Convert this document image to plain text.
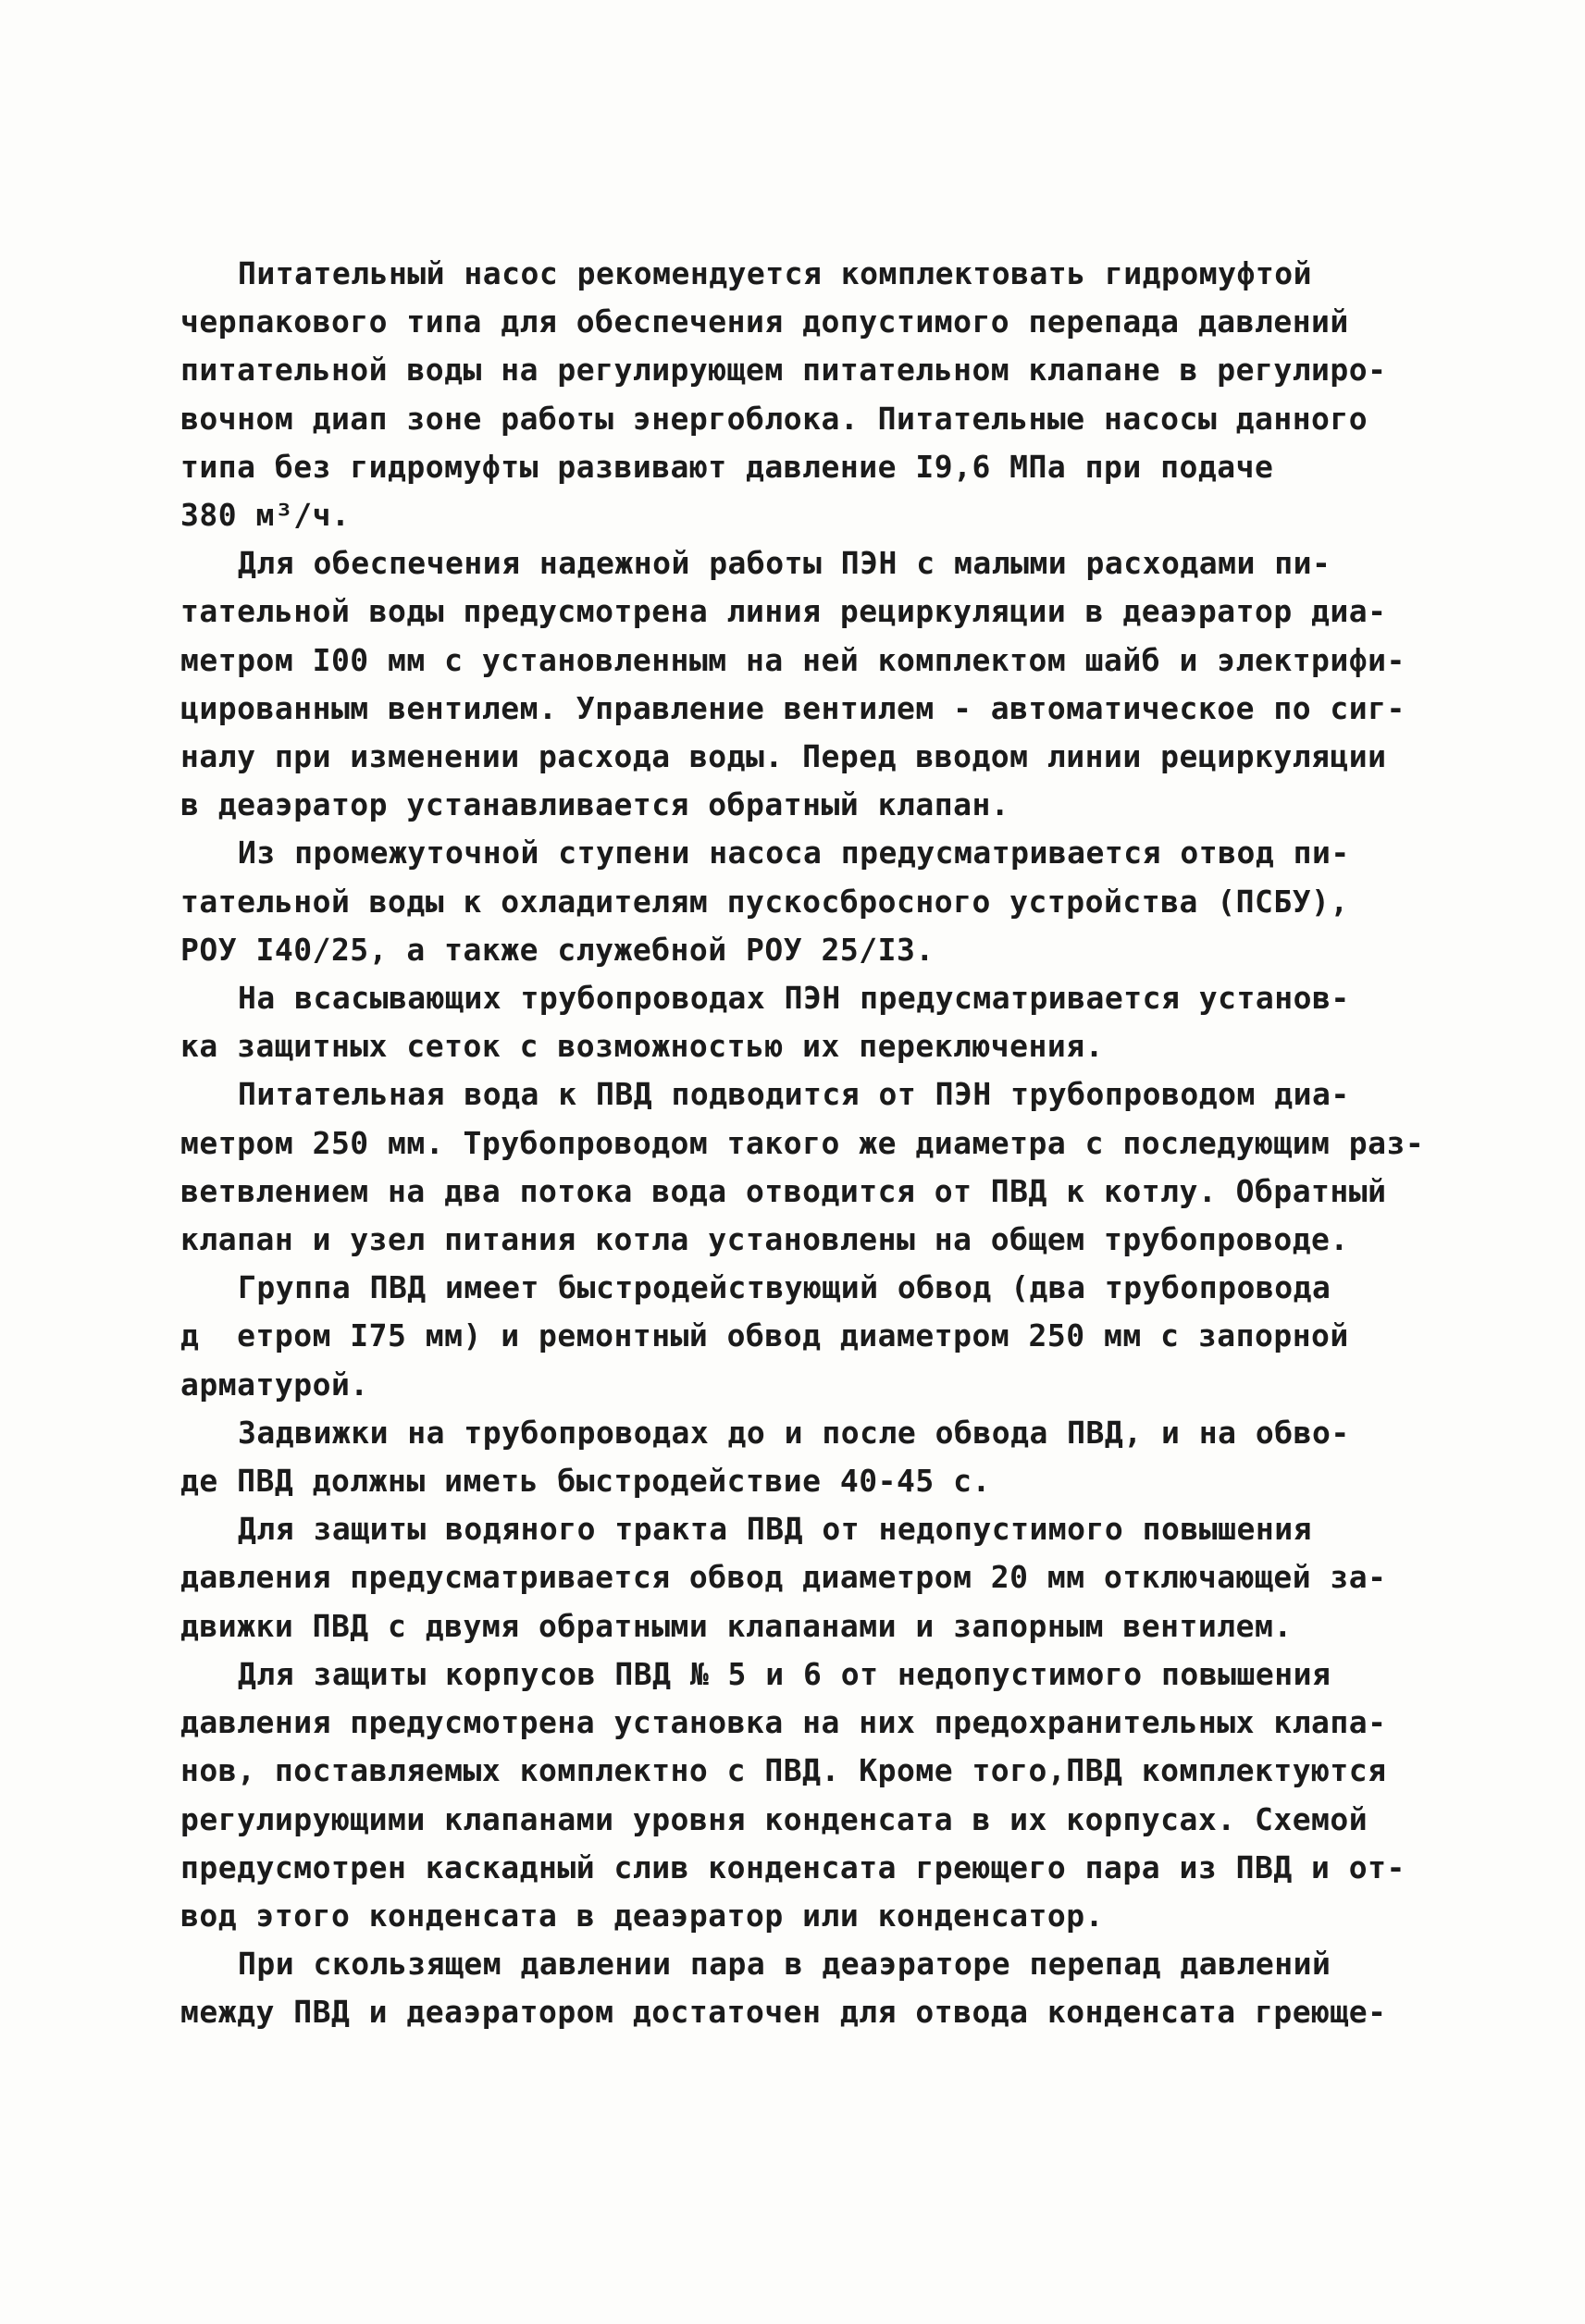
Питательный насос рекомендуется комплектовать гидромуфтой
черпакового типа для обеспечения допустимого перепада давлений
питательной воды на регулирующем питательном клапане в регулиро-
вочном диап зоне работы энергоблока. Питательные насосы данного
типа без гидромуфты развивают давление I9,6 МПа при подаче
380 м³/ч.
Для обеспечения надежной работы ПЭН с малыми расходами пи-
тательной воды предусмотрена линия рециркуляции в деаэратор диа-
метром I00 мм с установленным на ней комплектом шайб и электрифи-
цированным вентилем. Управление вентилем - автоматическое по сиг-
налу при изменении расхода воды. Перед вводом линии рециркуляции
в деаэратор устанавливается обратный клапан.
Из промежуточной ступени насоса предусматривается отвод пи-
тательной воды к охладителям пускосбросного устройства (ПСБУ),
РОУ I40/25, а также служебной РОУ 25/I3.
На всасывающих трубопроводах ПЭН предусматривается установ-
ка защитных сеток с возможностью их переключения.
Питательная вода к ПВД подводится от ПЭН трубопроводом диа-
метром 250 мм. Трубопроводом такого же диаметра с последующим раз-
ветвлением на два потока вода отводится от ПВД к котлу. Обратный
клапан и узел питания котла установлены на общем трубопроводе.
Группа ПВД имеет быстродействующий обвод (два трубопровода
д  етром I75 мм) и ремонтный обвод диаметром 250 мм с запорной
арматурой.
Задвижки на трубопроводах до и после обвода ПВД, и на обво-
де ПВД должны иметь быстродействие 40-45 с.
Для защиты водяного тракта ПВД от недопустимого повышения
давления предусматривается обвод диаметром 20 мм отключающей за-
движки ПВД с двумя обратными клапанами и запорным вентилем.
Для защиты корпусов ПВД № 5 и 6 от недопустимого повышения
давления предусмотрена установка на них предохранительных клапа-
нов, поставляемых комплектно с ПВД. Кроме того,ПВД комплектуются
регулирующими клапанами уровня конденсата в их корпусах. Схемой
предусмотрен каскадный слив конденсата греющего пара из ПВД и от-
вод этого конденсата в деаэратор или конденсатор.
При скользящем давлении пара в деаэраторе перепад давлений
между ПВД и деаэратором достаточен для отвода конденсата греюще-
